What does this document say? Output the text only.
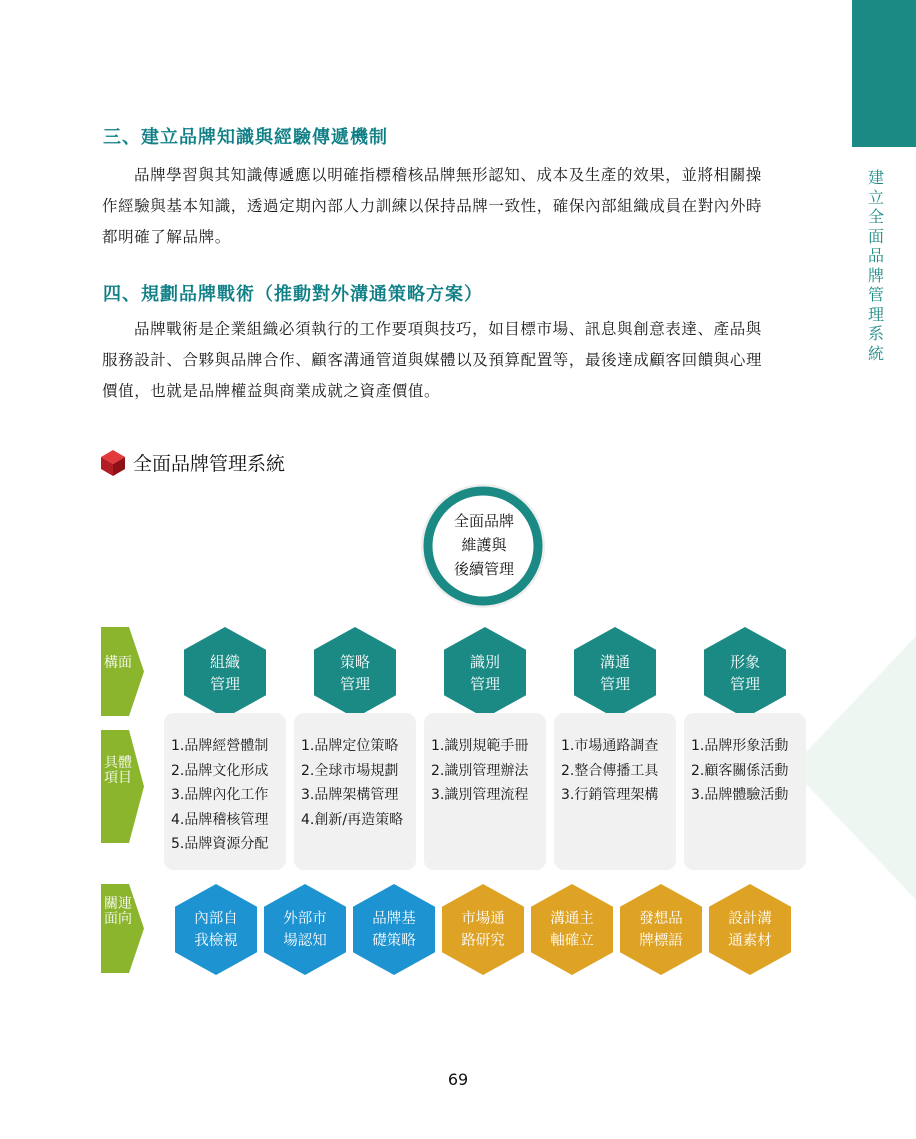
建立全面品牌管理系統
三、建立品牌知識與經驗傳遞機制
品牌學習與其知識傳遞應以明確指標稽核品牌無形認知、成本及生產的效果，並將相關操
作經驗與基本知識，透過定期內部人力訓練以保持品牌一致性，確保內部組織成員在對內外時
都明確了解品牌。
四、規劃品牌戰術（推動對外溝通策略方案）
品牌戰術是企業組織必須執行的工作要項與技巧，如目標市場、訊息與創意表達、產品與
服務設計、合夥與品牌合作、顧客溝通管道與媒體以及預算配置等，最後達成顧客回饋與心理
價值，也就是品牌權益與商業成就之資產價值。
全面品牌管理系統
全面品牌
維護與
後續管理
構面
具體項目
關連面向
組織
管理
策略
管理
識別
管理
溝通
管理
形象
管理
1.品牌經營體制
2.品牌文化形成
3.品牌內化工作
4.品牌稽核管理
5.品牌資源分配
1.品牌定位策略
2.全球市場規劃
3.品牌架構管理
4.創新/再造策略
1.識別規範手冊
2.識別管理辦法
3.識別管理流程
1.市場通路調查
2.整合傳播工具
3.行銷管理架構
1.品牌形象活動
2.顧客關係活動
3.品牌體驗活動
內部自
我檢視
外部市
場認知
品牌基
礎策略
市場通
路研究
溝通主
軸確立
發想品
牌標語
設計溝
通素材
69
